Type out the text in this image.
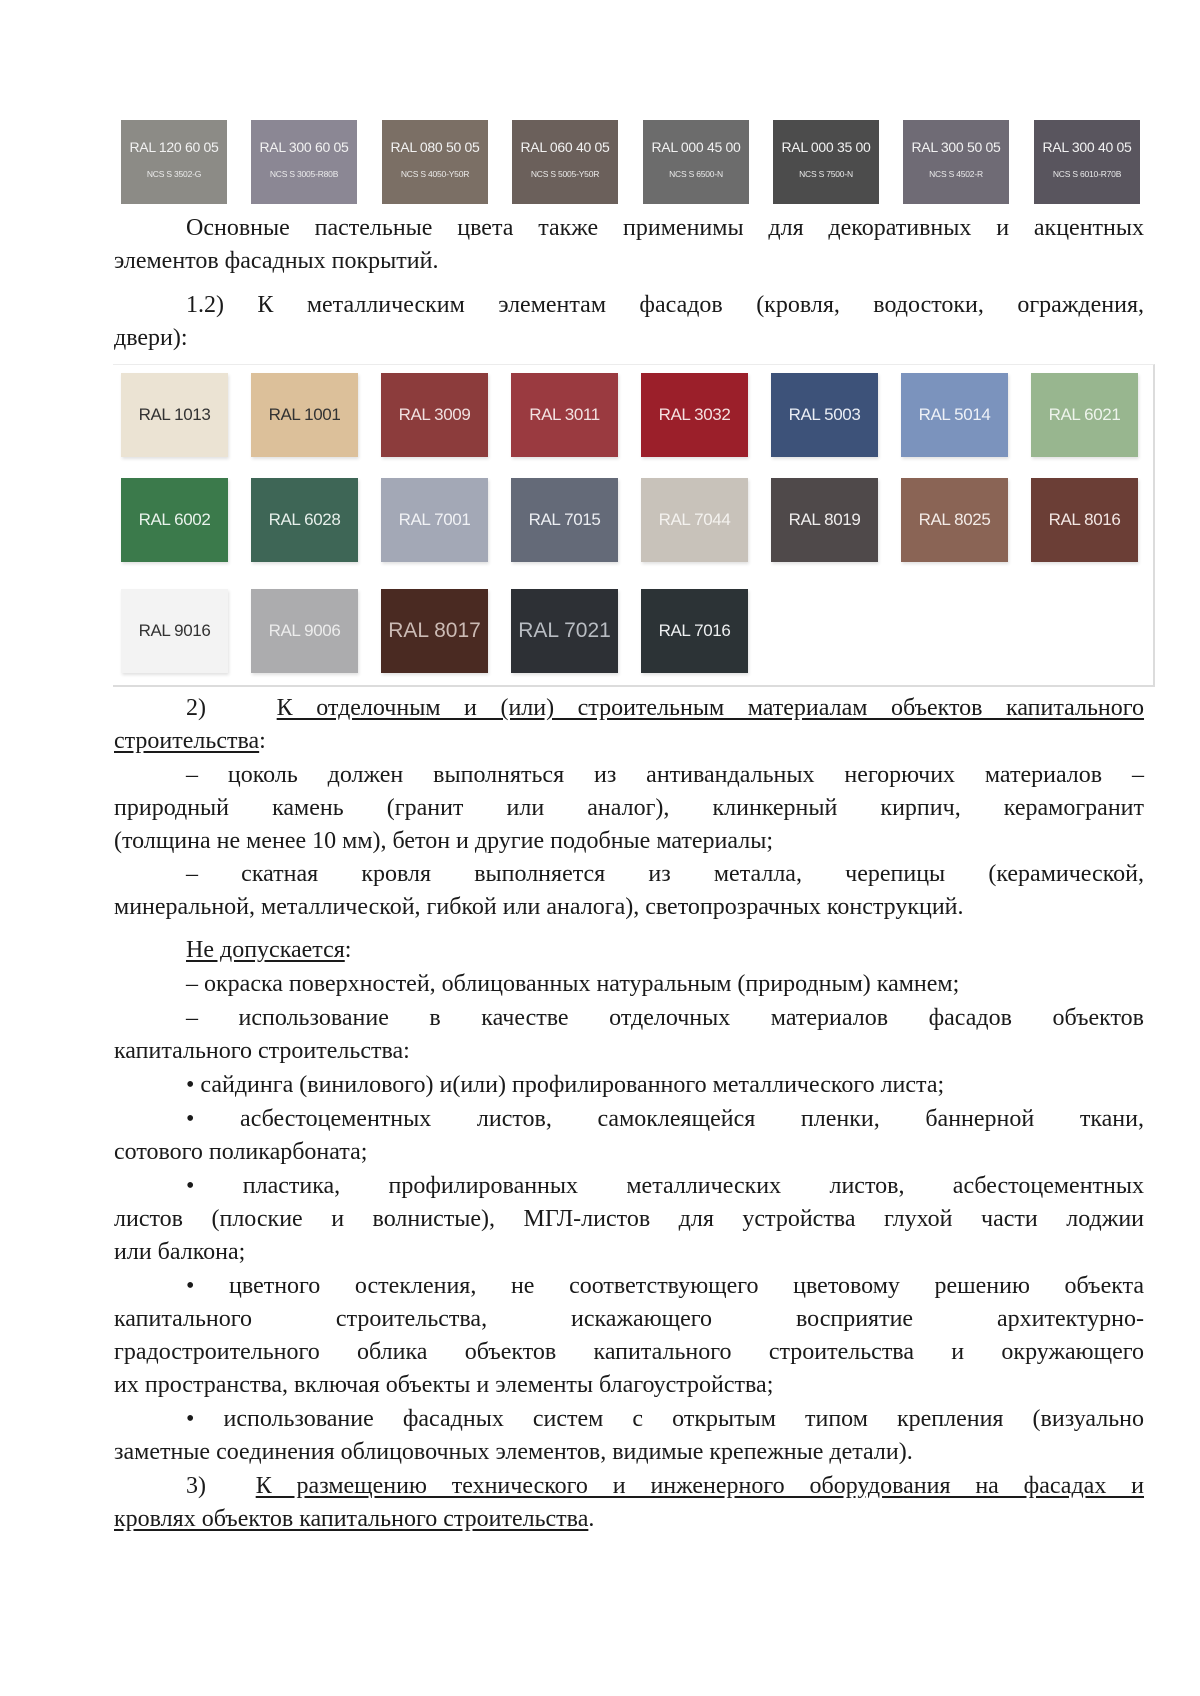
RAL 120 60 05
NCS S 3502-G
RAL 300 60 05
NCS S 3005-R80B
RAL 080 50 05
NCS S 4050-Y50R
RAL 060 40 05
NCS S 5005-Y50R
RAL 000 45 00
NCS S 6500-N
RAL 000 35 00
NCS S 7500-N
RAL 300 50 05
NCS S 4502-R
RAL 300 40 05
NCS S 6010-R70B
Основные пастельные цвета также применимы для декоративных и акцентных
элементов фасадных покрытий.
1.2) К металлическим элементам фасадов (кровля, водостоки, ограждения,
двери):
RAL 1013	RAL 1001	RAL 3009	RAL 3011	RAL 3032	RAL 5003	RAL 5014	RAL 6021
RAL 6002	RAL 6028	RAL 7001	RAL 7015	RAL 7044	RAL 8019	RAL 8025	RAL 8016
RAL 9016	RAL 9006	RAL 8017	RAL 7021	RAL 7016
2)	К отделочным и (или) строительным материалам объектов капитального
строительства:
– цоколь должен выполняться из антивандальных негорючих материалов –
природный камень (гранит или аналог), клинкерный кирпич, керамогранит
(толщина не менее 10 мм), бетон и другие подобные материалы;
– скатная кровля выполняется из металла, черепицы (керамической,
минеральной, металлической, гибкой или аналога), светопрозрачных конструкций.
Не допускается:
– окраска поверхностей, облицованных натуральным (природным) камнем;
– использование в качестве отделочных материалов фасадов объектов
капитального строительства:
• сайдинга (винилового) и(или) профилированного металлического листа;
• асбестоцементных листов, самоклеящейся пленки, баннерной ткани,
сотового поликарбоната;
• пластика, профилированных металлических листов, асбестоцементных
листов (плоские и волнистые), МГЛ-листов для устройства глухой части лоджии
или балкона;
• цветного остекления, не соответствующего цветовому решению объекта
капитального строительства, искажающего восприятие архитектурно-
градостроительного облика объектов капитального строительства и окружающего
их пространства, включая объекты и элементы благоустройства;
• использование фасадных систем с открытым типом крепления (визуально
заметные соединения облицовочных элементов, видимые крепежные детали).
3) К размещению технического и инженерного оборудования на фасадах и
кровлях объектов капитального строительства.
